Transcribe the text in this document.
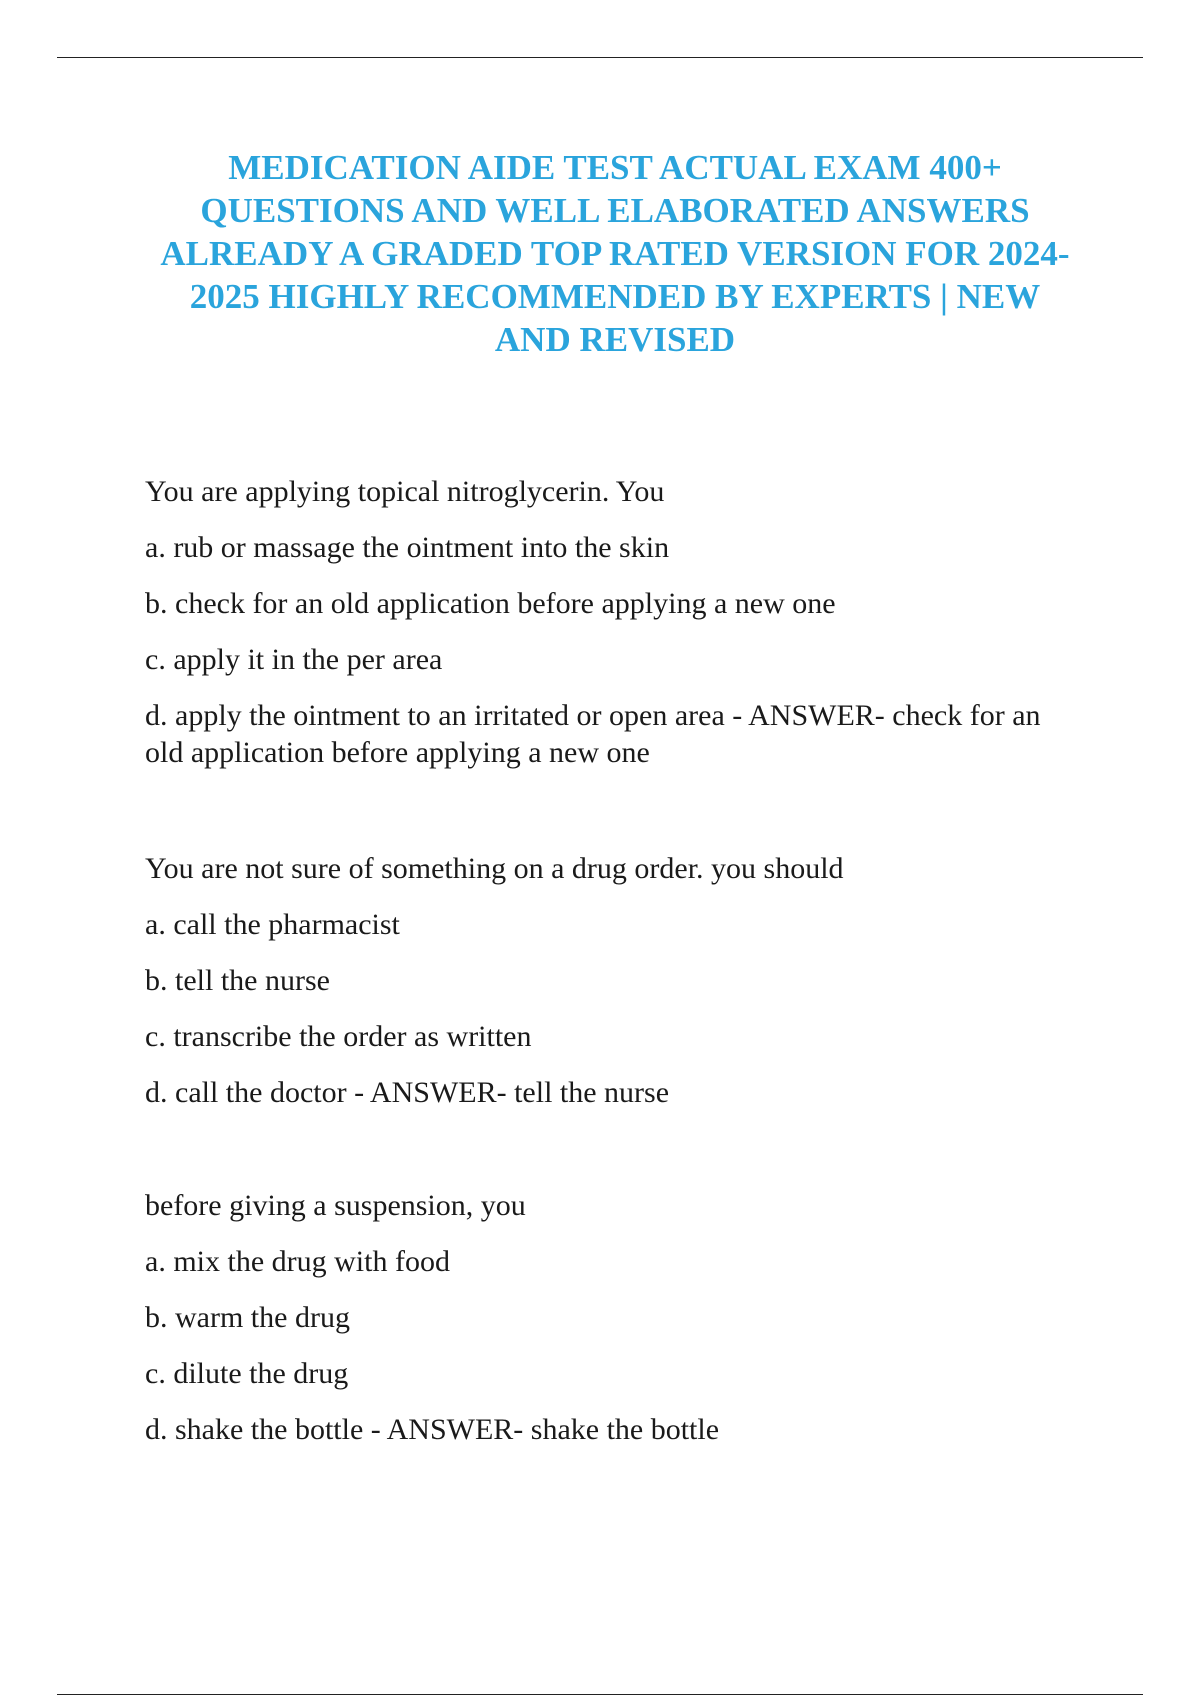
MEDICATION AIDE TEST ACTUAL EXAM 400+ QUESTIONS AND WELL ELABORATED ANSWERS ALREADY A GRADED TOP RATED VERSION FOR 2024-2025 HIGHLY RECOMMENDED BY EXPERTS | NEW AND REVISED

You are applying topical nitroglycerin. You

a. rub or massage the ointment into the skin

b. check for an old application before applying a new one

c. apply it in the per area

d. apply the ointment to an irritated or open area - ANSWER- check for an old application before applying a new one

You are not sure of something on a drug order. you should

a. call the pharmacist

b. tell the nurse

c. transcribe the order as written

d. call the doctor - ANSWER- tell the nurse

before giving a suspension, you

a. mix the drug with food

b. warm the drug

c. dilute the drug

d. shake the bottle - ANSWER- shake the bottle
